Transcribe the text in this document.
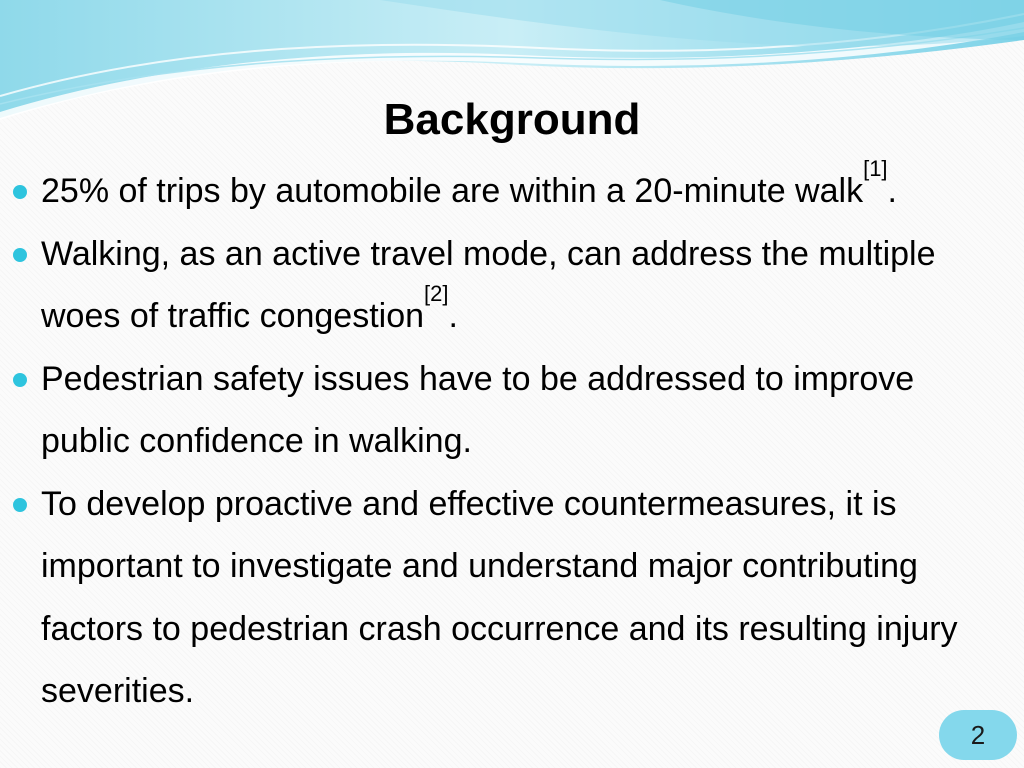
Background
25% of trips by automobile are within a 20-minute walk[1].
Walking, as an active travel mode, can address the multiple woes of traffic congestion[2].
Pedestrian safety issues have to be addressed to improve public confidence in walking.
To develop proactive and effective countermeasures, it is important to investigate and understand major contributing factors to pedestrian crash occurrence and its resulting injury severities.
2
